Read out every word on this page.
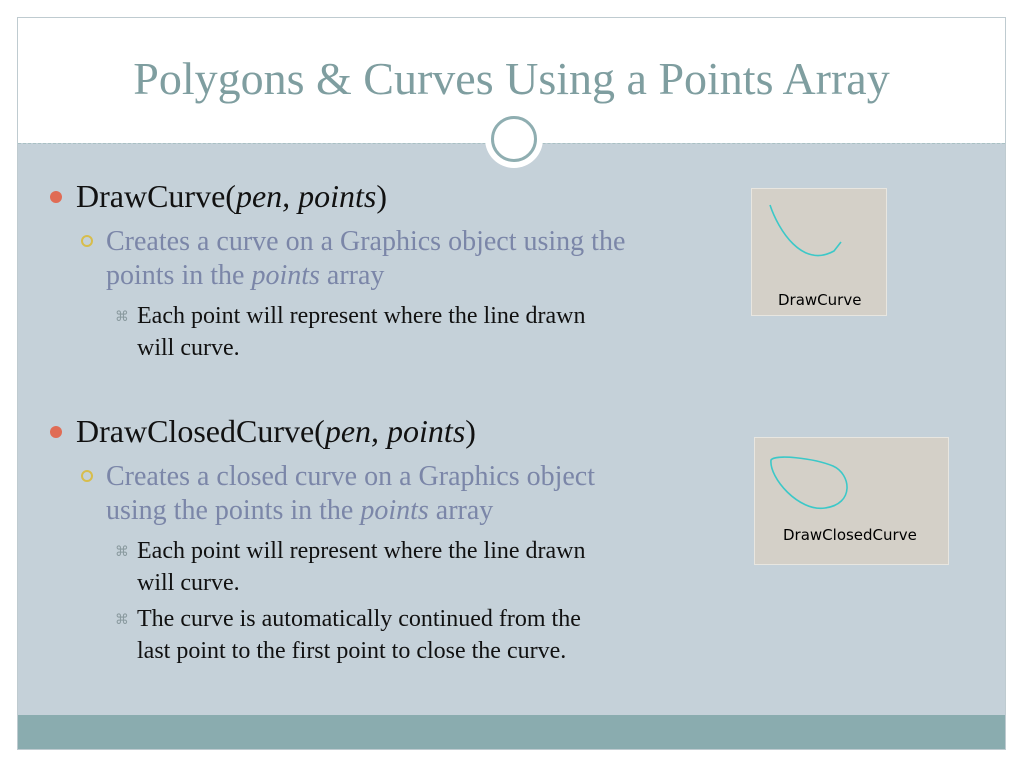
Polygons & Curves Using a Points Array
DrawCurve(pen, points)
Creates a curve on a Graphics object using the
points in the points array
⌘ Each point will represent where the line drawn
will curve.
DrawCurve
DrawClosedCurve(pen, points)
Creates a closed curve on a Graphics object
using the points in the points array
⌘ Each point will represent where the line drawn
will curve.
⌘ The curve is automatically continued from the
last point to the first point to close the curve.
DrawClosedCurve
